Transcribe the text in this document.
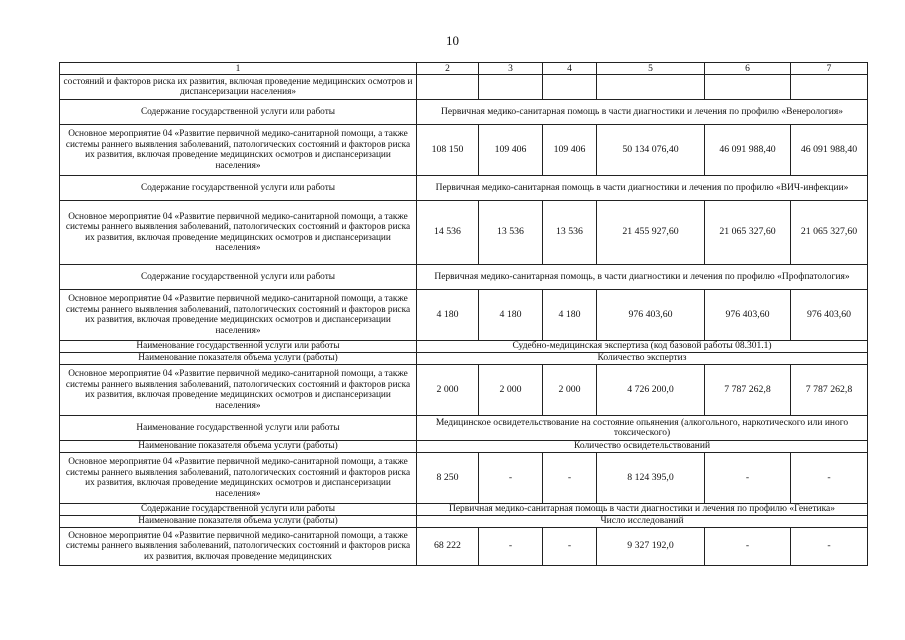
10
1	2	3	4	5	6	7
состояний и факторов риска их развития, включая проведение медицинских осмотров и диспансеризации населения»						
Содержание государственной услуги или работы	Первичная медико-санитарная помощь в части диагностики и лечения по профилю «Венерология»					
Основное мероприятие 04 «Развитие первичной медико-санитарной помощи, а также системы раннего выявления заболеваний, патологических состояний и факторов риска их развития, включая проведение медицинских осмотров и диспансеризации населения»	108 150	109 406	109 406	50 134 076,40	46 091 988,40	46 091 988,40
Содержание государственной услуги или работы	Первичная медико-санитарная помощь в части диагностики и лечения по профилю «ВИЧ-инфекции»					
Основное мероприятие 04 «Развитие первичной медико-санитарной помощи, а также системы раннего выявления заболеваний, патологических состояний и факторов риска их развития, включая проведение медицинских осмотров и диспансеризации населения»	14 536	13 536	13 536	21 455 927,60	21 065 327,60	21 065 327,60
Содержание государственной услуги или работы	Первичная медико-санитарная помощь, в части диагностики и лечения по профилю «Профпатология»					
Основное мероприятие 04 «Развитие первичной медико-санитарной помощи, а также системы раннего выявления заболеваний, патологических состояний и факторов риска их развития, включая проведение медицинских осмотров и диспансеризации населения»	4 180	4 180	4 180	976 403,60	976 403,60	976 403,60
Наименование государственной услуги или работы	Судебно-медицинская экспертиза (код базовой работы 08.301.1)					
Наименование показателя объема услуги (работы)	Количество экспертиз					
Основное мероприятие 04 «Развитие первичной медико-санитарной помощи, а также системы раннего выявления заболеваний, патологических состояний и факторов риска их развития, включая проведение медицинских осмотров и диспансеризации населения»	2 000	2 000	2 000	4 726 200,0	7 787 262,8	7 787 262,8
Наименование государственной услуги или работы	Медицинское освидетельствование на состояние опьянения (алкогольного, наркотического или иного токсического)					
Наименование показателя объема услуги (работы)	Количество освидетельствований					
Основное мероприятие 04 «Развитие первичной медико-санитарной помощи, а также системы раннего выявления заболеваний, патологических состояний и факторов риска их развития, включая проведение медицинских осмотров и диспансеризации населения»	8 250	-	-	8 124 395,0	-	-
Содержание государственной услуги или работы	Первичная медико-санитарная помощь в части диагностики и лечения по профилю «Генетика»					
Наименование показателя объема услуги (работы)	Число исследований					
Основное мероприятие 04 «Развитие первичной медико-санитарной помощи, а также системы раннего выявления заболеваний, патологических состояний и факторов риска их развития, включая проведение медицинских	68 222	-	-	9 327 192,0	-	-
